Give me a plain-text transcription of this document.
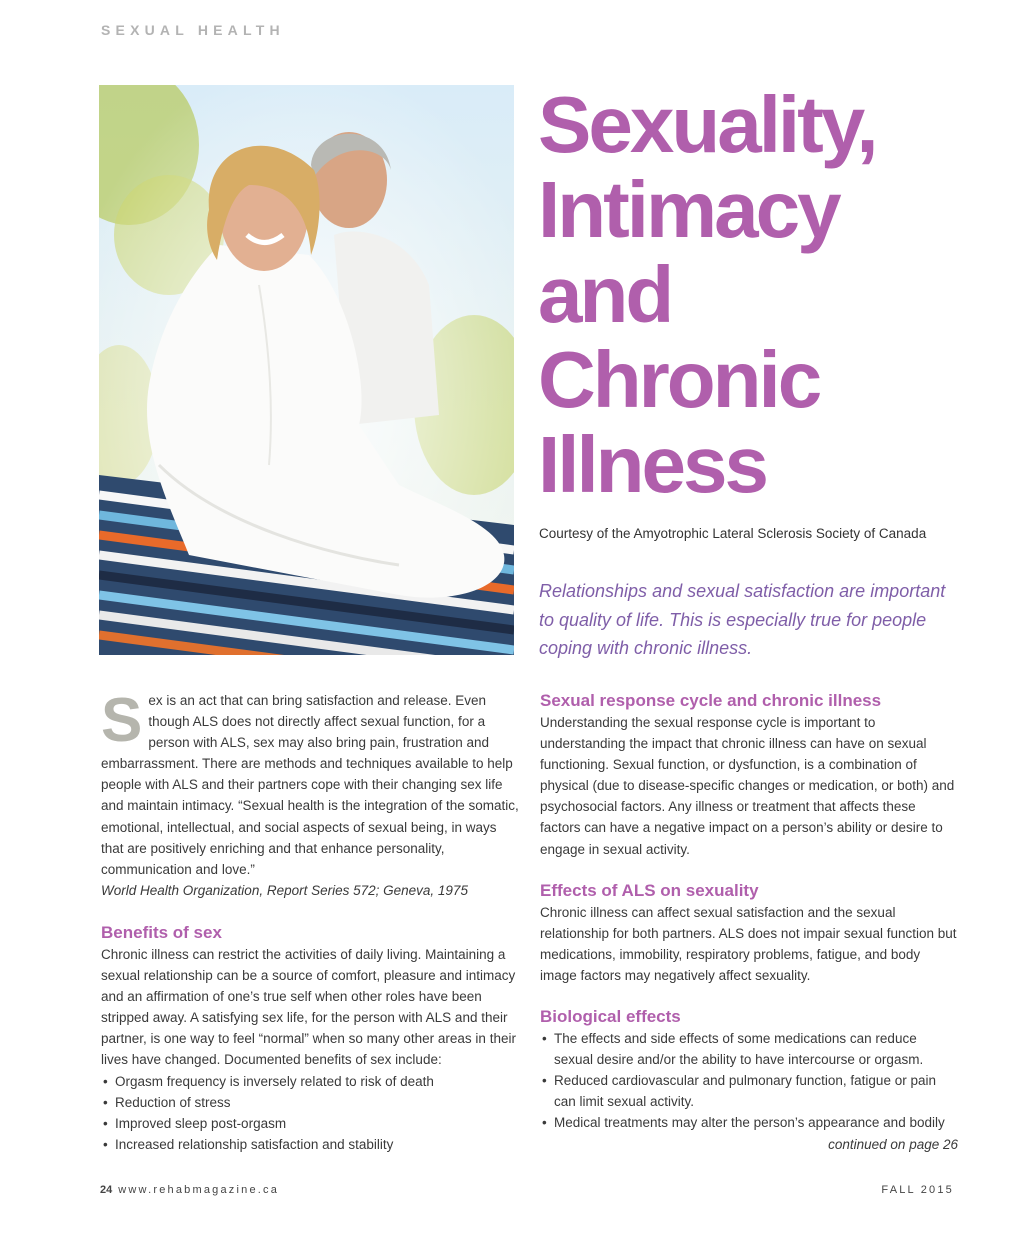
SEXUAL HEALTH
Sexuality,
Intimacy
and
Chronic
Illness
Courtesy of the Amyotrophic Lateral Sclerosis Society of Canada
Relationships and sexual satisfaction are important to quality of life. This is especially true for people coping with chronic illness.

Sex is an act that can bring satisfaction and release. Even though ALS does not directly affect sexual function, for a person with ALS, sex may also bring pain, frustration and embarrassment. There are methods and techniques available to help people with ALS and their partners cope with their changing sex life and maintain intimacy. “Sexual health is the integration of the somatic, emotional, intellectual, and social aspects of sexual being, in ways that are positively enriching and that enhance personality, communication and love.”

World Health Organization, Report Series 572; Geneva, 1975

Benefits of sex

Chronic illness can restrict the activities of daily living. Maintaining a sexual relationship can be a source of comfort, pleasure and intimacy and an affirmation of one’s true self when other roles have been stripped away. A satisfying sex life, for the person with ALS and their partner, is one way to feel “normal” when so many other areas in their lives have changed. Documented benefits of sex include:

• Orgasm frequency is inversely related to risk of death
• Reduction of stress
• Improved sleep post-orgasm
• Increased relationship satisfaction and stability
Sexual response cycle and chronic illness

Understanding the sexual response cycle is important to understanding the impact that chronic illness can have on sexual functioning. Sexual function, or dysfunction, is a combination of physical (due to disease-specific changes or medication, or both) and psychosocial factors. Any illness or treatment that affects these factors can have a negative impact on a person’s ability or desire to engage in sexual activity.

Effects of ALS on sexuality

Chronic illness can affect sexual satisfaction and the sexual relationship for both partners. ALS does not impair sexual function but medications, immobility, respiratory problems, fatigue, and body image factors may negatively affect sexuality.

Biological effects
• The effects and side effects of some medications can reduce sexual desire and/or the ability to have intercourse or orgasm.
• Reduced cardiovascular and pulmonary function, fatigue or pain can limit sexual activity.
• Medical treatments may alter the person’s appearance and bodily

continued on page 26

24 www.rehabmagazine.ca	FALL 2015
